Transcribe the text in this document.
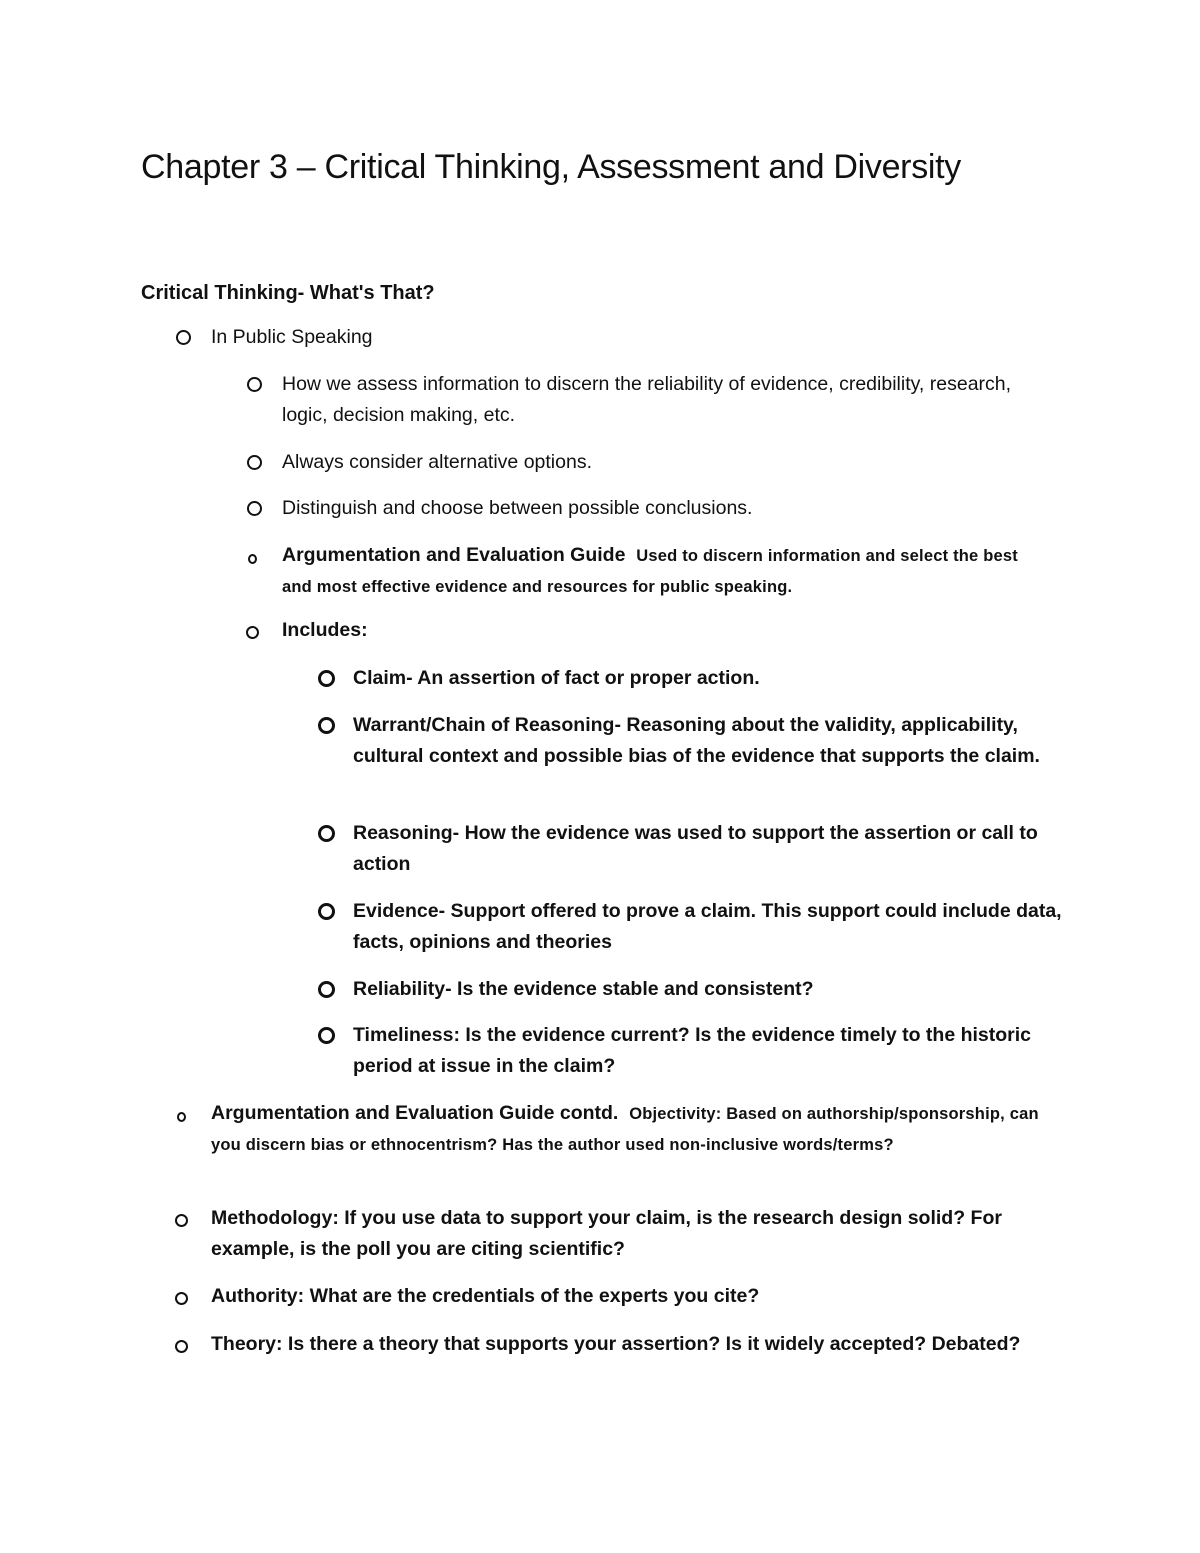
Chapter 3 – Critical Thinking, Assessment and Diversity
Critical Thinking- What's That?
In Public Speaking
How we assess information to discern the reliability of evidence, credibility, research, logic, decision making, etc.
Always consider alternative options.
Distinguish and choose between possible conclusions.
Argumentation and Evaluation Guide Used to discern information and select the best and most effective evidence and resources for public speaking.
Includes:
Claim- An assertion of fact or proper action.
Warrant/Chain of Reasoning- Reasoning about the validity, applicability, cultural context and possible bias of the evidence that supports the claim.
Reasoning- How the evidence was used to support the assertion or call to action
Evidence- Support offered to prove a claim. This support could include data, facts, opinions and theories
Reliability- Is the evidence stable and consistent?
Timeliness: Is the evidence current? Is the evidence timely to the historic period at issue in the claim?
Argumentation and Evaluation Guide contd. Objectivity: Based on authorship/sponsorship, can you discern bias or ethnocentrism? Has the author used non-inclusive words/terms?
Methodology: If you use data to support your claim, is the research design solid? For example, is the poll you are citing scientific?
Authority: What are the credentials of the experts you cite?
Theory: Is there a theory that supports your assertion? Is it widely accepted? Debated?
